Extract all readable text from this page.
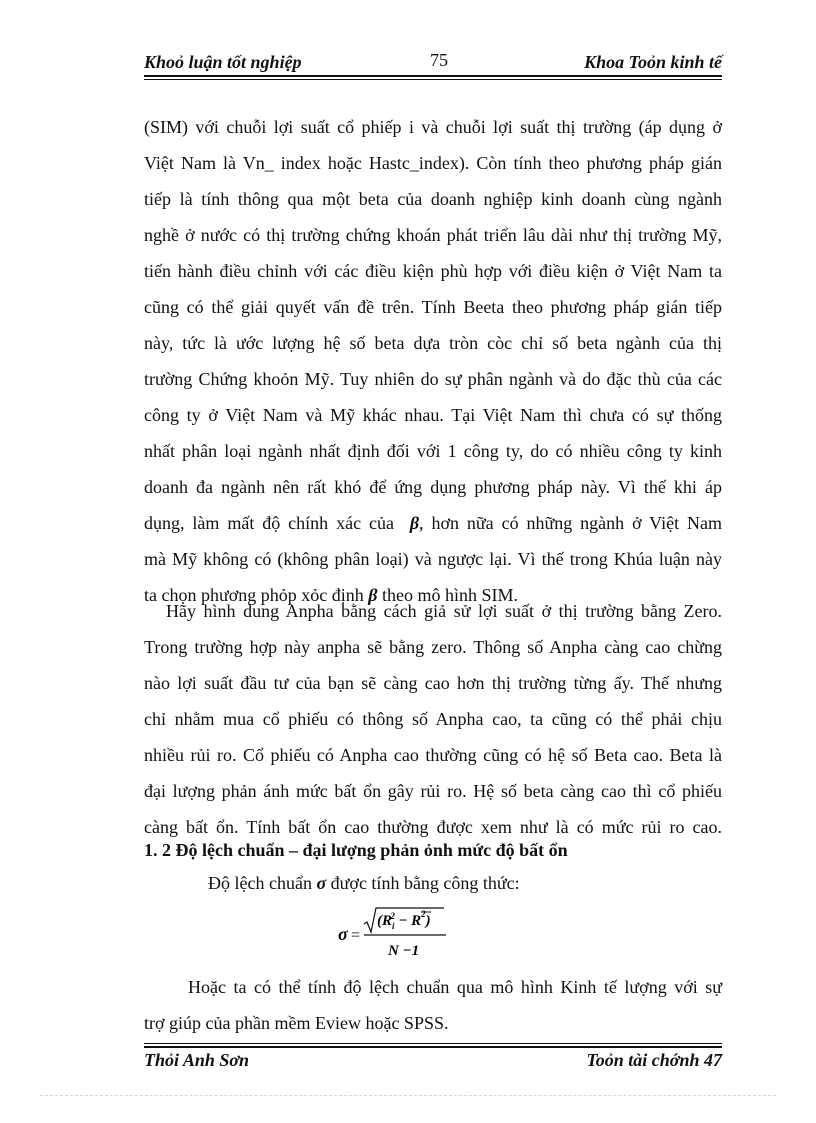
Khoỏ luận tốt nghiệp	75	Khoa Toỏn kinh tế
(SIM) với chuỗi lợi suất cổ phiếp i và chuỗi lợi suất thị trường (áp dụng ở
Việt Nam là Vn_ index hoặc Hastc_index). Còn tính theo phương pháp gián
tiếp là tính thông qua một beta của doanh nghiệp kinh doanh cùng ngành
nghề ở nước có thị trường chứng khoán phát triển lâu dài như thị trường Mỹ,
tiến hành điều chỉnh với các điều kiện phù hợp với điều kiện ở Việt Nam ta
cũng có thể giải quyết vấn đề trên. Tính Beeta theo phương pháp gián tiếp
này, tức là ước lượng hệ số beta dựa tròn còc chỉ số beta ngành của thị
trường Chứng khoỏn Mỹ. Tuy nhiên do sự phân ngành và do đặc thù của các
công ty ở Việt Nam và Mỹ khác nhau. Tại Việt Nam thì chưa có sự thống
nhất phân loại ngành nhất định đối với 1 công ty, do có nhiều công ty kinh
doanh đa ngành nên rất khó để ứng dụng phương pháp này. Vì thế khi áp
dụng, làm mất độ chính xác của β, hơn nữa có những ngành ở Việt Nam
mà Mỹ không có (không phân loại) và ngược lại. Vì thế trong Khúa luận này
ta chọn phương phỏp xỏc định β theo mô hình SIM.
Hãy hình dung Anpha bằng cách giả sử lợi suất ở thị trường bằng Zero.
Trong trường hợp này anpha sẽ bằng zero. Thông số Anpha càng cao chừng
nào lợi suất đầu tư của bạn sẽ càng cao hơn thị trường từng ấy. Thế nhưng
chỉ nhằm mua cổ phiếu có thông số Anpha cao, ta cũng có thể phải chịu
nhiều rủi ro. Cổ phiếu có Anpha cao thường cũng có hệ số Beta cao. Beta là
đại lượng phản ánh mức bất ổn gây rủi ro. Hệ số beta càng cao thì cổ phiếu
càng bất ổn. Tính bất ổn cao thường được xem như là có mức rủi ro cao.
1. 2 Độ lệch chuẩn – đại lượng phản ỏnh mức độ bất ổn
Độ lệch chuẩn σ được tính bằng công thức:
σ =
$(R_i2 - R^2)$
N −1
Hoặc ta có thể tính độ lệch chuẩn qua mô hình Kinh tế lượng với sự
trợ giúp của phần mềm Eview hoặc SPSS.
Thỏi Anh Sơn	Toỏn tài chớnh 47
